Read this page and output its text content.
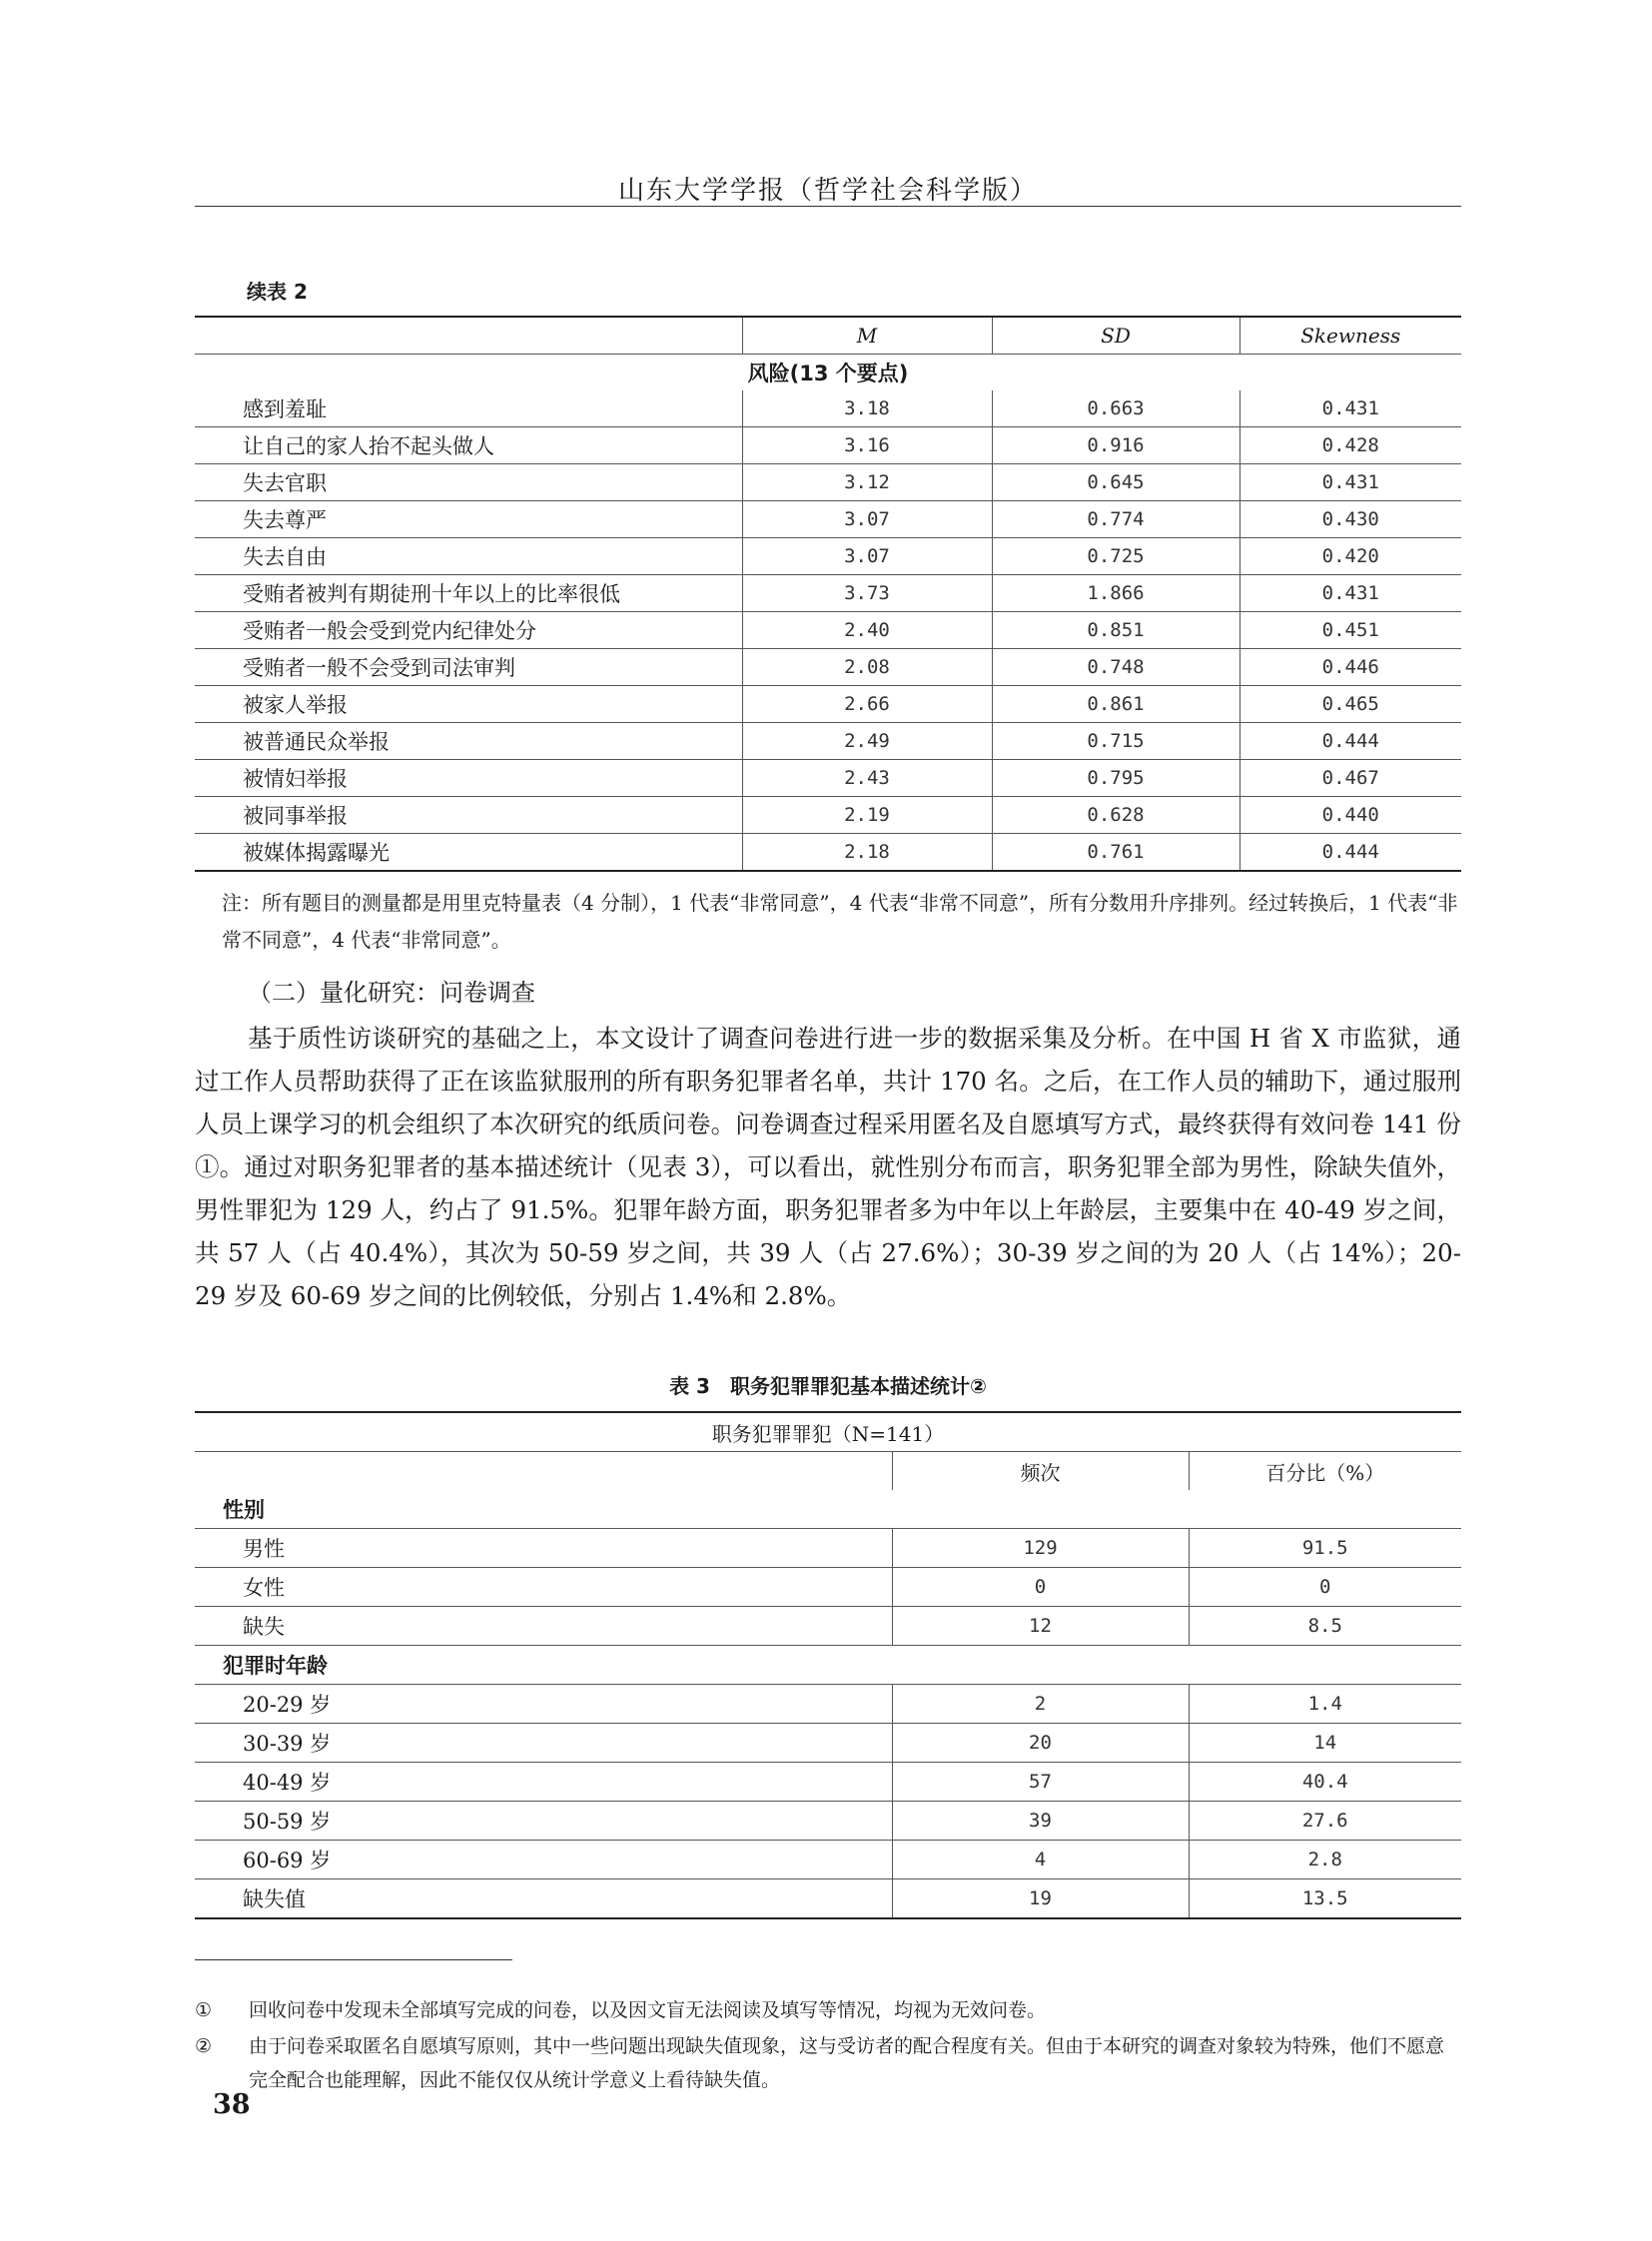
山东大学学报（哲学社会科学版）
续表 2
	M	SD	Skewness
风险(13 个要点)			
感到羞耻	3.18	0.663	0.431
让自己的家人抬不起头做人	3.16	0.916	0.428
失去官职	3.12	0.645	0.431
失去尊严	3.07	0.774	0.430
失去自由	3.07	0.725	0.420
受贿者被判有期徒刑十年以上的比率很低	3.73	1.866	0.431
受贿者一般会受到党内纪律处分	2.40	0.851	0.451
受贿者一般不会受到司法审判	2.08	0.748	0.446
被家人举报	2.66	0.861	0.465
被普通民众举报	2.49	0.715	0.444
被情妇举报	2.43	0.795	0.467
被同事举报	2.19	0.628	0.440
被媒体揭露曝光	2.18	0.761	0.444
注：所有题目的测量都是用里克特量表（4 分制），1 代表“非常同意”，4 代表“非常不同意”，所有分数用升序排列。经过转换后，1 代表“非常不同意”，4 代表“非常同意”。
（二）量化研究：问卷调查

基于质性访谈研究的基础之上，本文设计了调查问卷进行进一步的数据采集及分析。在中国 H 省 X 市监狱，通过工作人员帮助获得了正在该监狱服刑的所有职务犯罪者名单，共计 170 名。之后，在工作人员的辅助下，通过服刑人员上课学习的机会组织了本次研究的纸质问卷。问卷调查过程采用匿名及自愿填写方式，最终获得有效问卷 141 份①。通过对职务犯罪者的基本描述统计（见表 3），可以看出，就性别分布而言，职务犯罪全部为男性，除缺失值外，男性罪犯为 129 人，约占了 91.5%。犯罪年龄方面，职务犯罪者多为中年以上年龄层，主要集中在 40-49 岁之间，共 57 人（占 40.4%），其次为 50-59 岁之间，共 39 人（占 27.6%）；30-39 岁之间的为 20 人（占 14%）；20-29 岁及 60-69 岁之间的比例较低，分别占 1.4%和 2.8%。

表 3　职务犯罪罪犯基本描述统计②
职务犯罪罪犯（N=141）		
	频次	百分比（%）
性别		
男性	129	91.5
女性	0	0
缺失	12	8.5
犯罪时年龄		
20-29 岁	2	1.4
30-39 岁	20	14
40-49 岁	57	40.4
50-59 岁	39	27.6
60-69 岁	4	2.8
缺失值	19	13.5
① 回收问卷中发现未全部填写完成的问卷，以及因文盲无法阅读及填写等情况，均视为无效问卷。
② 由于问卷采取匿名自愿填写原则，其中一些问题出现缺失值现象，这与受访者的配合程度有关。但由于本研究的调查对象较为特殊，他们不愿意完全配合也能理解，因此不能仅仅从统计学意义上看待缺失值。
38
